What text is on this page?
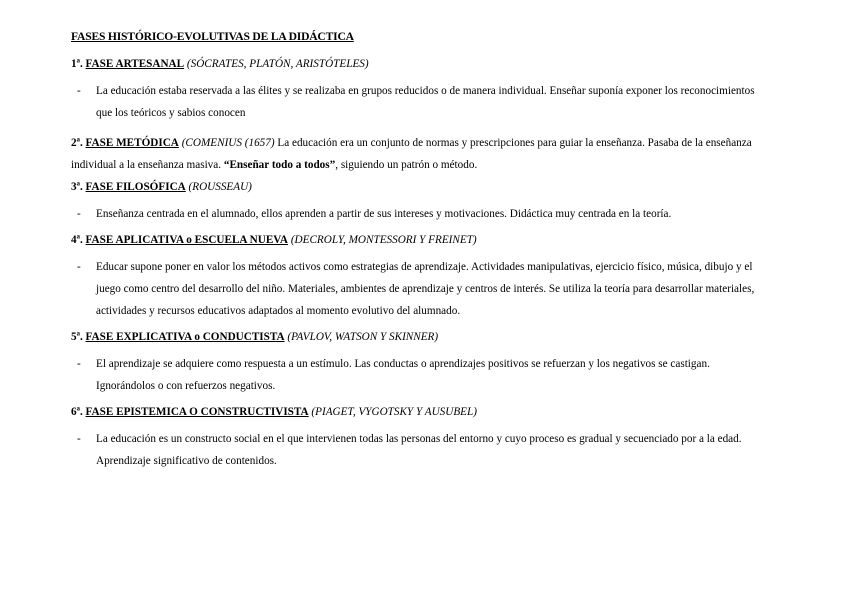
FASES HISTÓRICO-EVOLUTIVAS DE LA DIDÁCTICA
1ª. FASE ARTESANAL (SÓCRATES, PLATÓN, ARISTÓTELES)
- La educación estaba reservada a las élites y se realizaba en grupos reducidos o de manera individual. Enseñar suponía exponer los reconocimientos que los teóricos y sabios conocen
2ª. FASE METÓDICA (COMENIUS (1657) La educación era un conjunto de normas y prescripciones para guiar la enseñanza. Pasaba de la enseñanza individual a la enseñanza masiva. “Enseñar todo a todos”, siguiendo un patrón o método.
3ª. FASE FILOSÓFICA (ROUSSEAU)
- Enseñanza centrada en el alumnado, ellos aprenden a partir de sus intereses y motivaciones. Didáctica muy centrada en la teoría.
4ª. FASE APLICATIVA o ESCUELA NUEVA (DECROLY, MONTESSORI Y FREINET)
- Educar supone poner en valor los métodos activos como estrategias de aprendizaje. Actividades manipulativas, ejercicio físico, música, dibujo y el juego como centro del desarrollo del niño. Materiales, ambientes de aprendizaje y centros de interés. Se utiliza la teoría para desarrollar materiales, actividades y recursos educativos adaptados al momento evolutivo del alumnado.
5ª. FASE EXPLICATIVA o CONDUCTISTA (PAVLOV, WATSON Y SKINNER)
- El aprendizaje se adquiere como respuesta a un estímulo. Las conductas o aprendizajes positivos se refuerzan y los negativos se castigan. Ignorándolos o con refuerzos negativos.
6ª. FASE EPISTEMICA O CONSTRUCTIVISTA (PIAGET, VYGOTSKY Y AUSUBEL)
- La educación es un constructo social en el que intervienen todas las personas del entorno y cuyo proceso es gradual y secuenciado por a la edad. Aprendizaje significativo de contenidos.
